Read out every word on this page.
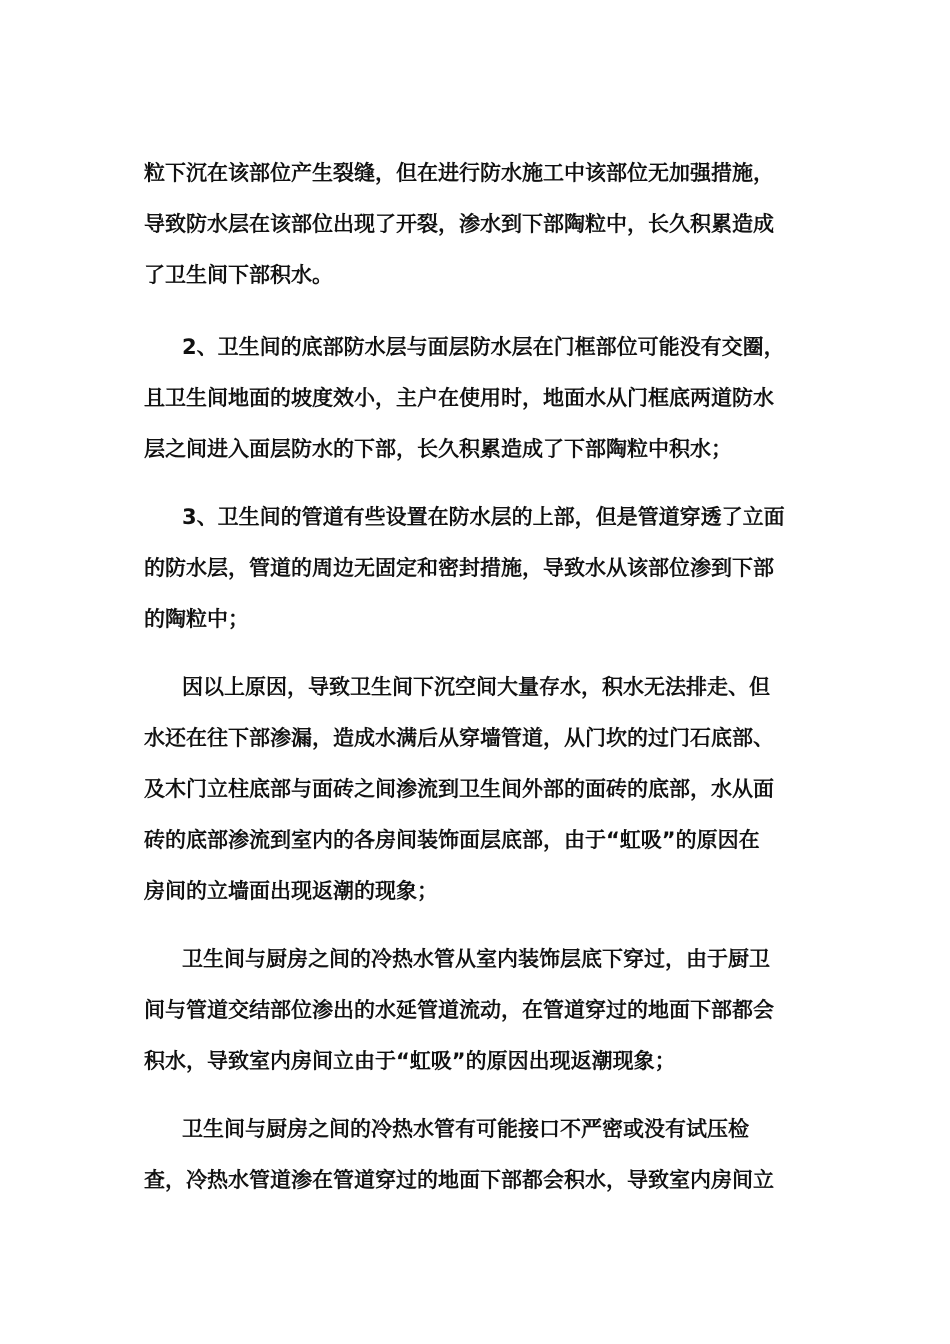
粒下沉在该部位产生裂缝，但在进行防水施工中该部位无加强措施，
导致防水层在该部位出现了开裂，渗水到下部陶粒中，长久积累造成
了卫生间下部积水。
2、卫生间的底部防水层与面层防水层在门框部位可能没有交圈，
且卫生间地面的坡度效小，主户在使用时，地面水从门框底两道防水
层之间进入面层防水的下部，长久积累造成了下部陶粒中积水；
3、卫生间的管道有些设置在防水层的上部，但是管道穿透了立面
的防水层，管道的周边无固定和密封措施，导致水从该部位渗到下部
的陶粒中；
因以上原因，导致卫生间下沉空间大量存水，积水无法排走、但
水还在往下部渗漏，造成水满后从穿墙管道，从门坎的过门石底部、
及木门立柱底部与面砖之间渗流到卫生间外部的面砖的底部，水从面
砖的底部渗流到室内的各房间装饰面层底部，由于“虹吸”的原因在
房间的立墙面出现返潮的现象；
卫生间与厨房之间的冷热水管从室内装饰层底下穿过，由于厨卫
间与管道交结部位渗出的水延管道流动，在管道穿过的地面下部都会
积水，导致室内房间立由于“虹吸”的原因出现返潮现象；
卫生间与厨房之间的冷热水管有可能接口不严密或没有试压检
查，冷热水管道渗在管道穿过的地面下部都会积水，导致室内房间立
